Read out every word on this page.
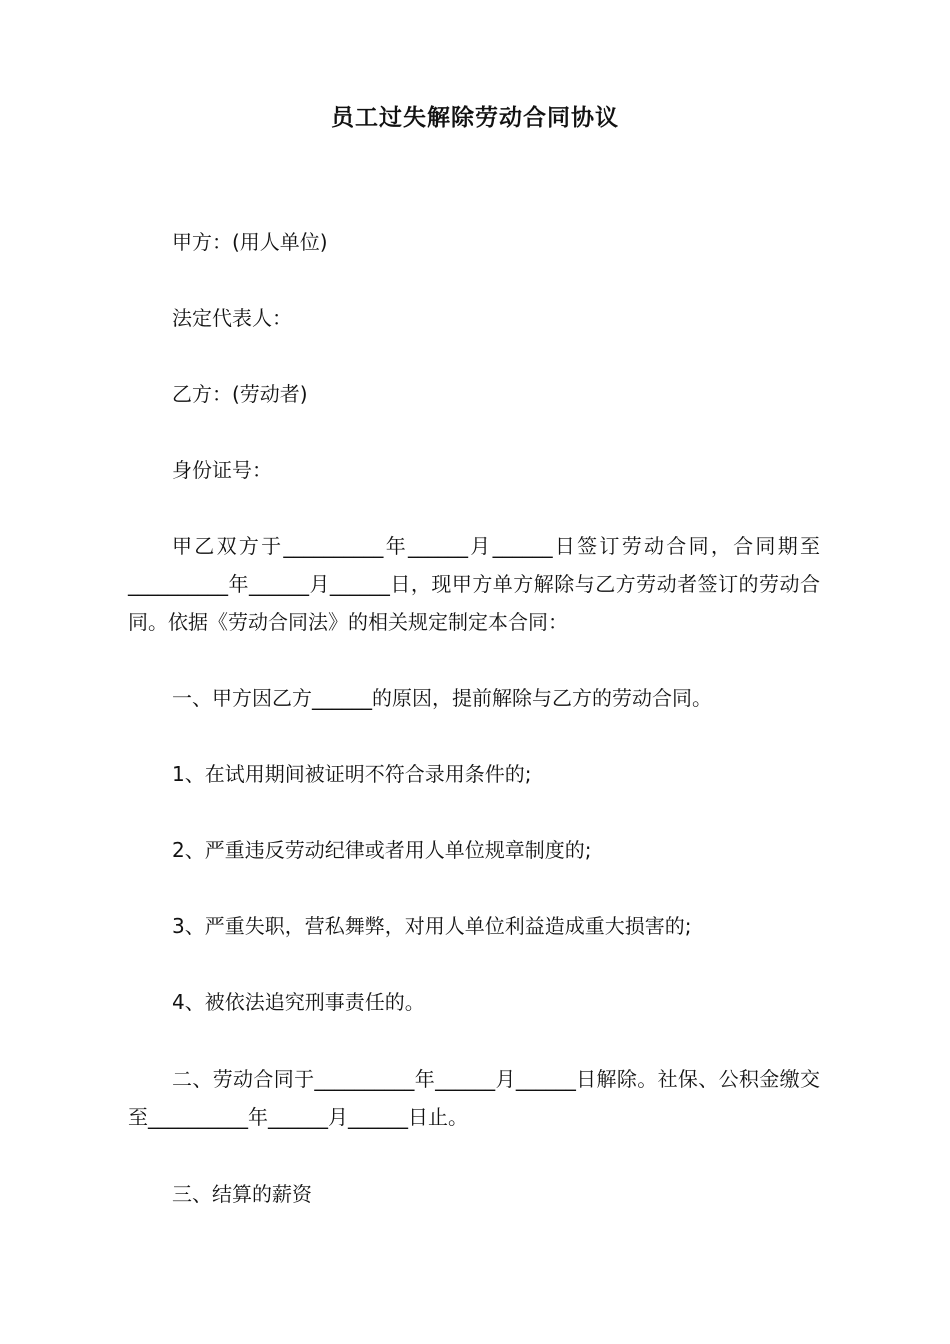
员工过失解除劳动合同协议

甲方：(用人单位)

法定代表人：

乙方：(劳动者)

身份证号：

甲乙双方于__________年______月______日签订劳动合同，合同期至__________年______月______日，现甲方单方解除与乙方劳动者签订的劳动合同。依据《劳动合同法》的相关规定制定本合同：

一、甲方因乙方______的原因，提前解除与乙方的劳动合同。

1、在试用期间被证明不符合录用条件的;

2、严重违反劳动纪律或者用人单位规章制度的;

3、严重失职，营私舞弊，对用人单位利益造成重大损害的;

4、被依法追究刑事责任的。

二、劳动合同于__________年______月______日解除。社保、公积金缴交至__________年______月______日止。

三、结算的薪资
